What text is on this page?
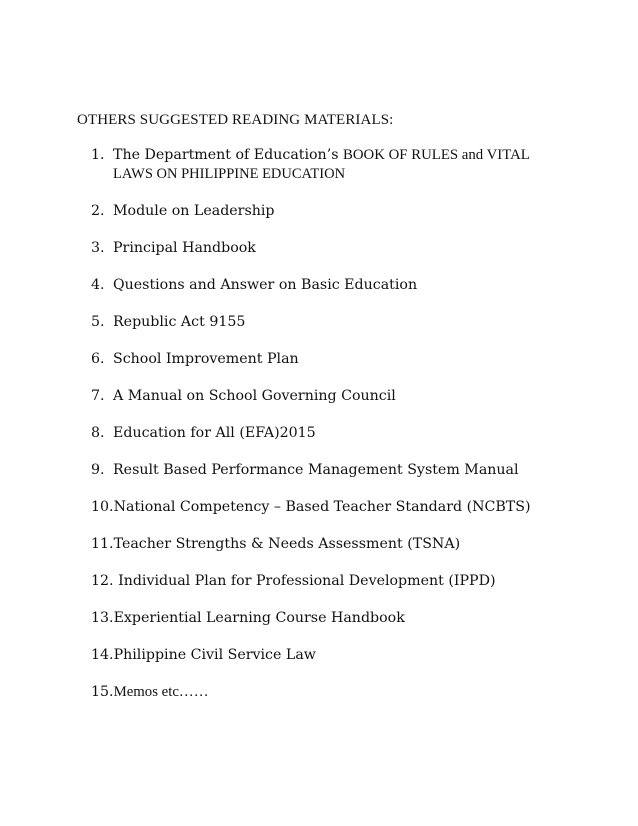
OTHERS SUGGESTED READING MATERIALS:
1. The Department of Education’s BOOK OF RULES and VITAL
LAWS ON PHILIPPINE EDUCATION
2. Module on Leadership
3. Principal Handbook
4. Questions and Answer on Basic Education
5. Republic Act 9155
6. School Improvement Plan
7. A Manual on School Governing Council
8. Education for All (EFA)2015
9. Result Based Performance Management System Manual
10. National Competency – Based Teacher Standard (NCBTS)
11. Teacher Strengths & Needs Assessment (TSNA)
12. Individual Plan for Professional Development (IPPD)
13. Experiential Learning Course Handbook
14. Philippine Civil Service Law
15. Memos etc……
